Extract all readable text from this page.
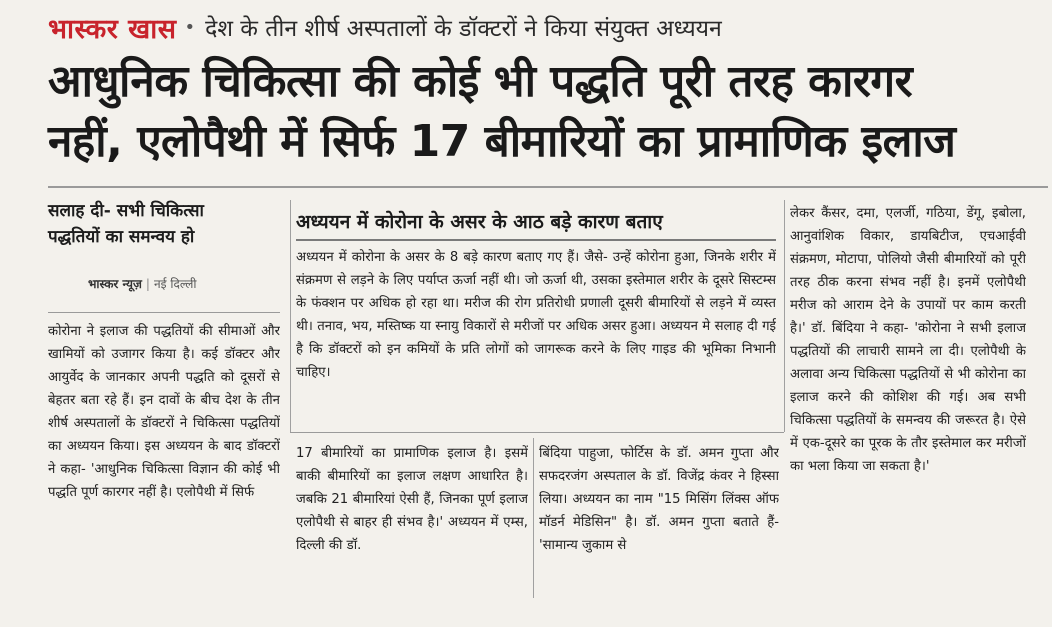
भास्कर खास • देश के तीन शीर्ष अस्पतालों के डॉक्टरों ने किया संयुक्त अध्ययन
आधुनिक चिकित्सा की कोई भी पद्धति पूरी तरह कारगर
नहीं, एलोपैथी में सिर्फ 17 बीमारियों का प्रामाणिक इलाज
सलाह दी- सभी चिकित्सा
पद्धतियों का समन्वय हो
भास्कर न्यूज़ | नई दिल्ली

कोरोना ने इलाज की पद्धतियों की सीमाओं और खामियों को उजागर किया है। कई डॉक्टर और आयुर्वेद के जानकार अपनी पद्धति को दूसरों से बेहतर बता रहे हैं। इन दावों के बीच देश के तीन शीर्ष अस्पतालों के डॉक्टरों ने चिकित्सा पद्धतियों का अध्ययन किया। इस अध्ययन के बाद डॉक्टरों ने कहा- 'आधुनिक चिकित्सा विज्ञान की कोई भी पद्धति पूर्ण कारगर नहीं है। एलोपैथी में सिर्फ

अध्ययन में कोरोना के असर के आठ बड़े कारण बताए

अध्ययन में कोरोना के असर के 8 बड़े कारण बताए गए हैं। जैसे- उन्हें कोरोना हुआ, जिनके शरीर में संक्रमण से लड़ने के लिए पर्याप्त ऊर्जा नहीं थी। जो ऊर्जा थी, उसका इस्तेमाल शरीर के दूसरे सिस्टम्स के फंक्शन पर अधिक हो रहा था। मरीज की रोग प्रतिरोधी प्रणाली दूसरी बीमारियों से लड़ने में व्यस्त थी। तनाव, भय, मस्तिष्क या स्नायु विकारों से मरीजों पर अधिक असर हुआ। अध्ययन मे सलाह दी गई है कि डॉक्टरों को इन कमियों के प्रति लोगों को जागरूक करने के लिए गाइड की भूमिका निभानी चाहिए।

17 बीमारियों का प्रामाणिक इलाज है। इसमें बाकी बीमारियों का इलाज लक्षण आधारित है। जबकि 21 बीमारियां ऐसी हैं, जिनका पूर्ण इलाज एलोपैथी से बाहर ही संभव है।' अध्ययन में एम्स, दिल्ली की डॉ.

बिंदिया पाहुजा, फोर्टिस के डॉ. अमन गुप्ता और सफदरजंग अस्पताल के डॉ. विजेंद्र कंवर ने हिस्सा लिया। अध्ययन का नाम "15 मिसिंग लिंक्स ऑफ मॉडर्न मेडिसिन" है। डॉ. अमन गुप्ता बताते हैं- 'सामान्य जुकाम से

लेकर कैंसर, दमा, एलर्जी, गठिया, डेंगू, इबोला, आनुवांशिक विकार, डायबिटीज, एचआईवी संक्रमण, मोटापा, पोलियो जैसी बीमारियों को पूरी तरह ठीक करना संभव नहीं है। इनमें एलोपैथी मरीज को आराम देने के उपायों पर काम करती है।' डॉ. बिंदिया ने कहा- 'कोरोना ने सभी इलाज पद्धतियों की लाचारी सामने ला दी। एलोपैथी के अलावा अन्य चिकित्सा पद्धतियों से भी कोरोना का इलाज करने की कोशिश की गई। अब सभी चिकित्सा पद्धतियों के समन्वय की जरूरत है। ऐसे में एक-दूसरे का पूरक के तौर इस्तेमाल कर मरीजों का भला किया जा सकता है।'
